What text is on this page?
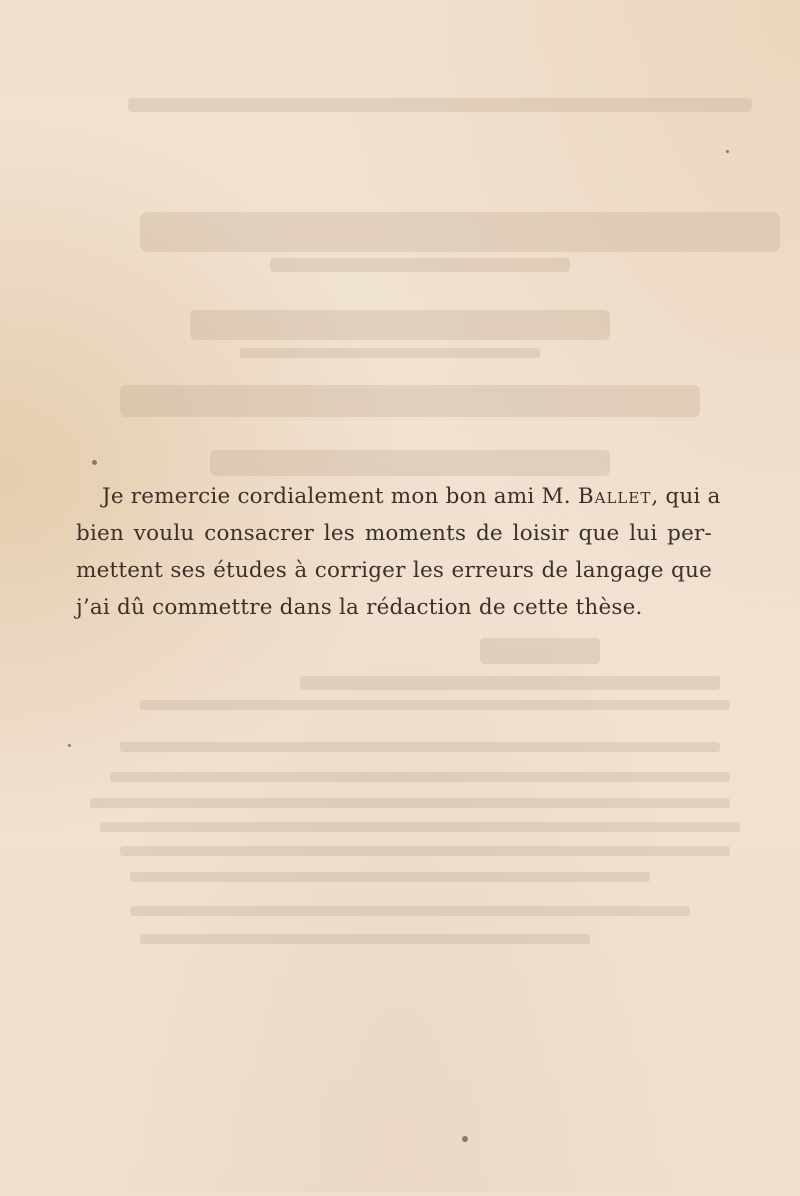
Je remercie cordialement mon bon ami M. Ballet, qui a
bien voulu consacrer les moments de loisir que lui per-
mettent ses études à corriger les erreurs de langage que
j’ai dû commettre dans la rédaction de cette thèse.
